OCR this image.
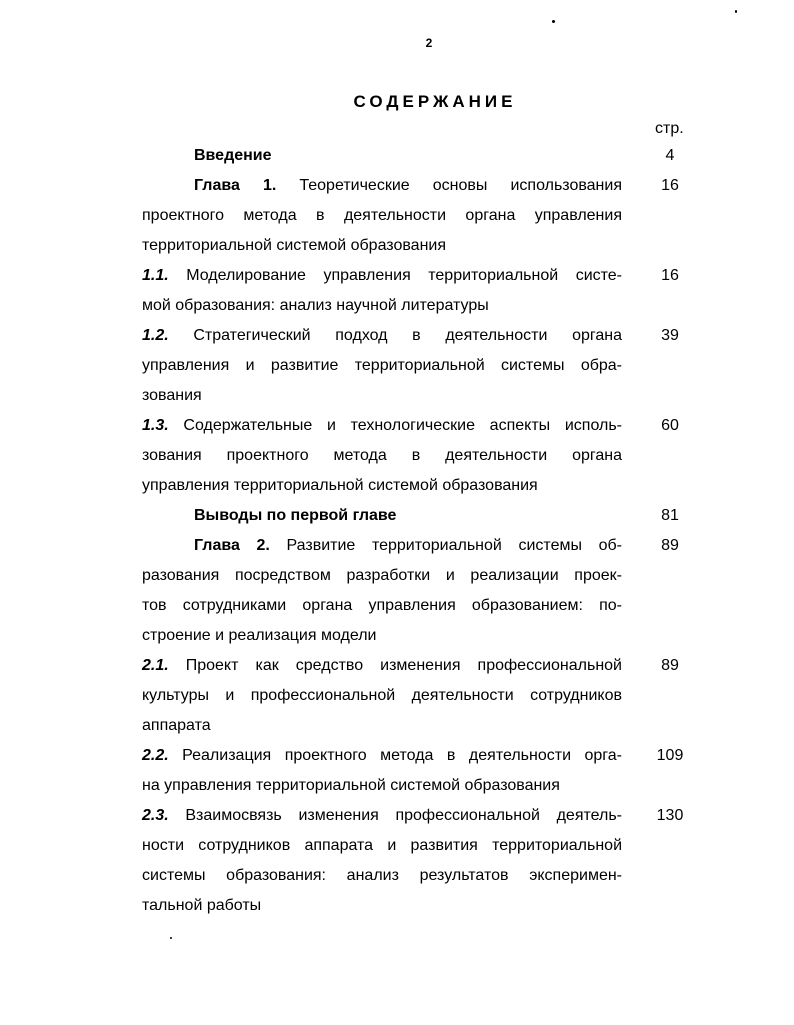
2
СОДЕРЖАНИЕ
стр.
4
Введение
16
Глава 1. Теоретические основы использования
проектного метода в деятельности органа управления
территориальной системой образования
16
1.1. Моделирование управления территориальной систе-
мой образования: анализ научной литературы
39
1.2. Стратегический подход в деятельности органа
управления и развитие территориальной системы обра-
зования
60
1.3. Содержательные и технологические аспекты исполь-
зования проектного метода в деятельности органа
управления территориальной системой образования
81
Выводы по первой главе
89
Глава 2. Развитие территориальной системы об-
разования посредством разработки и реализации проек-
тов сотрудниками органа управления образованием: по-
строение и реализация модели
89
2.1. Проект как средство изменения профессиональной
культуры и профессиональной деятельности сотрудников
аппарата
109
2.2. Реализация проектного метода в деятельности орга-
на управления территориальной системой образования
130
2.3. Взаимосвязь изменения профессиональной деятель-
ности сотрудников аппарата и развития территориальной
системы образования: анализ результатов эксперимен-
тальной работы
